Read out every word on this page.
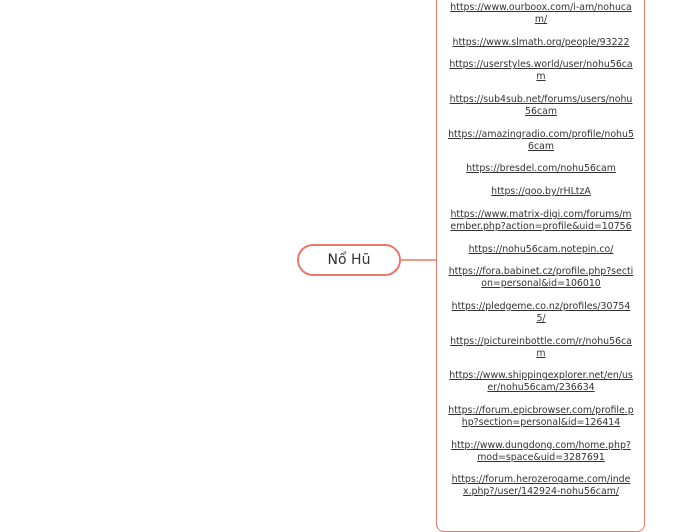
https://www.ourboox.com/i-am/nohucam/
https://www.slmath.org/people/93222
https://userstyles.world/user/nohu56cam
https://sub4sub.net/forums/users/nohu56cam
https://amazingradio.com/profile/nohu56cam
https://bresdel.com/nohu56cam
https://goo.by/rHLtzA
https://www.matrix-digi.com/forums/member.php?action=profile&uid=10756
https://nohu56cam.notepin.co/
https://fora.babinet.cz/profile.php?section=personal&id=106010
https://pledgeme.co.nz/profiles/307545/
https://pictureinbottle.com/r/nohu56cam
https://www.shippingexplorer.net/en/user/nohu56cam/236634
https://forum.epicbrowser.com/profile.php?section=personal&id=126414
http://www.dungdong.com/home.php?mod=space&uid=3287691
https://forum.herozerogame.com/index.php?/user/142924-nohu56cam/
Nổ Hũ
